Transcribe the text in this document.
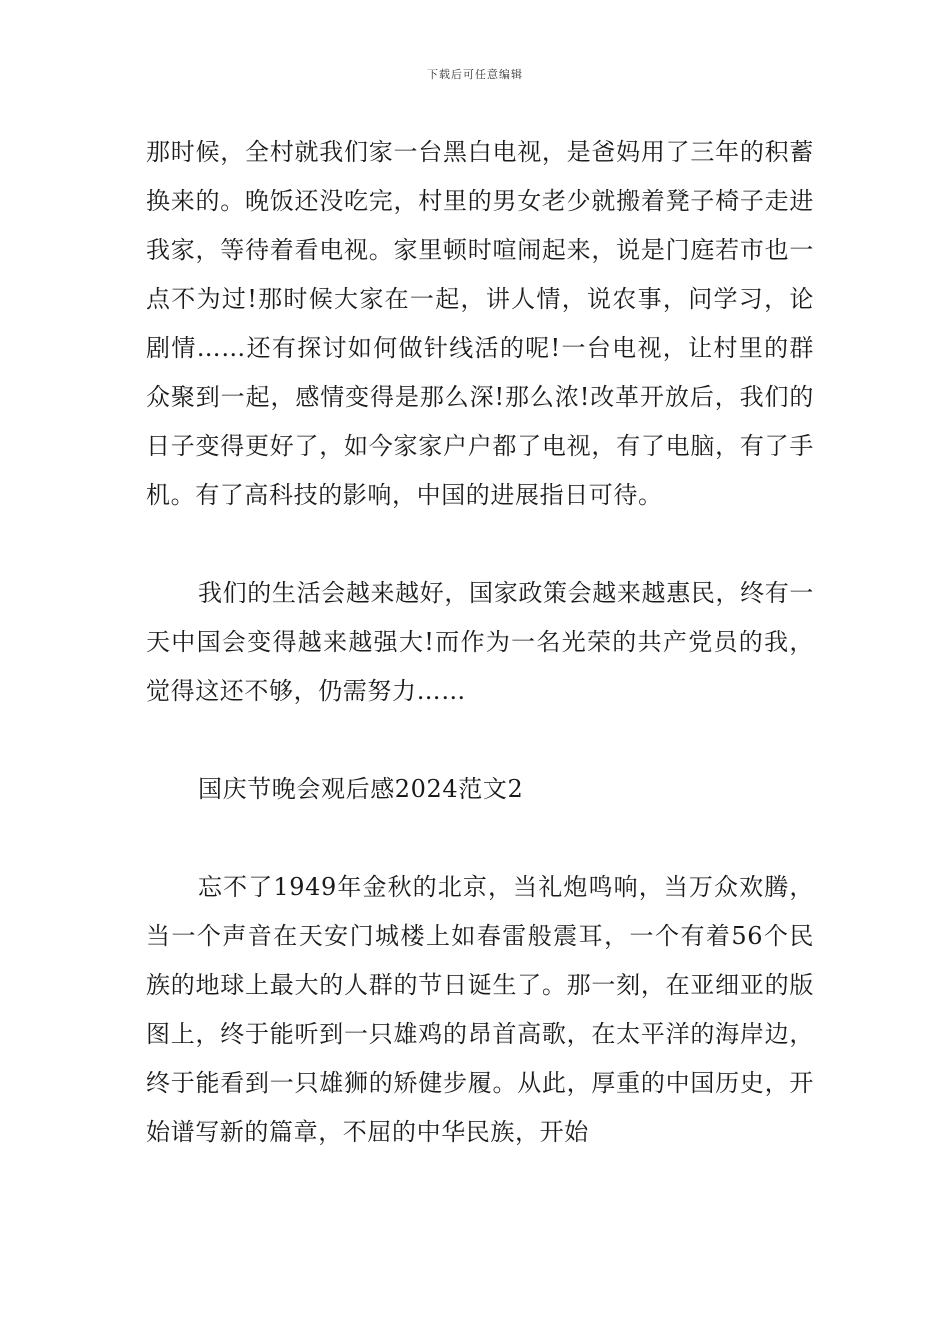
下载后可任意编辑

那时候，全村就我们家一台黑白电视，是爸妈用了三年的积蓄换来的。晚饭还没吃完，村里的男女老少就搬着凳子椅子走进我家，等待着看电视。家里顿时喧闹起来，说是门庭若市也一点不为过!那时候大家在一起，讲人情，说农事，问学习，论剧情……还有探讨如何做针线活的呢!一台电视，让村里的群众聚到一起，感情变得是那么深!那么浓!改革开放后，我们的日子变得更好了，如今家家户户都了电视，有了电脑，有了手机。有了高科技的影响，中国的进展指日可待。

我们的生活会越来越好，国家政策会越来越惠民，终有一天中国会变得越来越强大!而作为一名光荣的共产党员的我，觉得这还不够，仍需努力……

国庆节晚会观后感2024范文2

忘不了1949年金秋的北京，当礼炮鸣响，当万众欢腾，当一个声音在天安门城楼上如春雷般震耳，一个有着56个民族的地球上最大的人群的节日诞生了。那一刻，在亚细亚的版图上，终于能听到一只雄鸡的昂首高歌，在太平洋的海岸边，终于能看到一只雄狮的矫健步履。从此，厚重的中国历史，开始谱写新的篇章，不屈的中华民族，开始
